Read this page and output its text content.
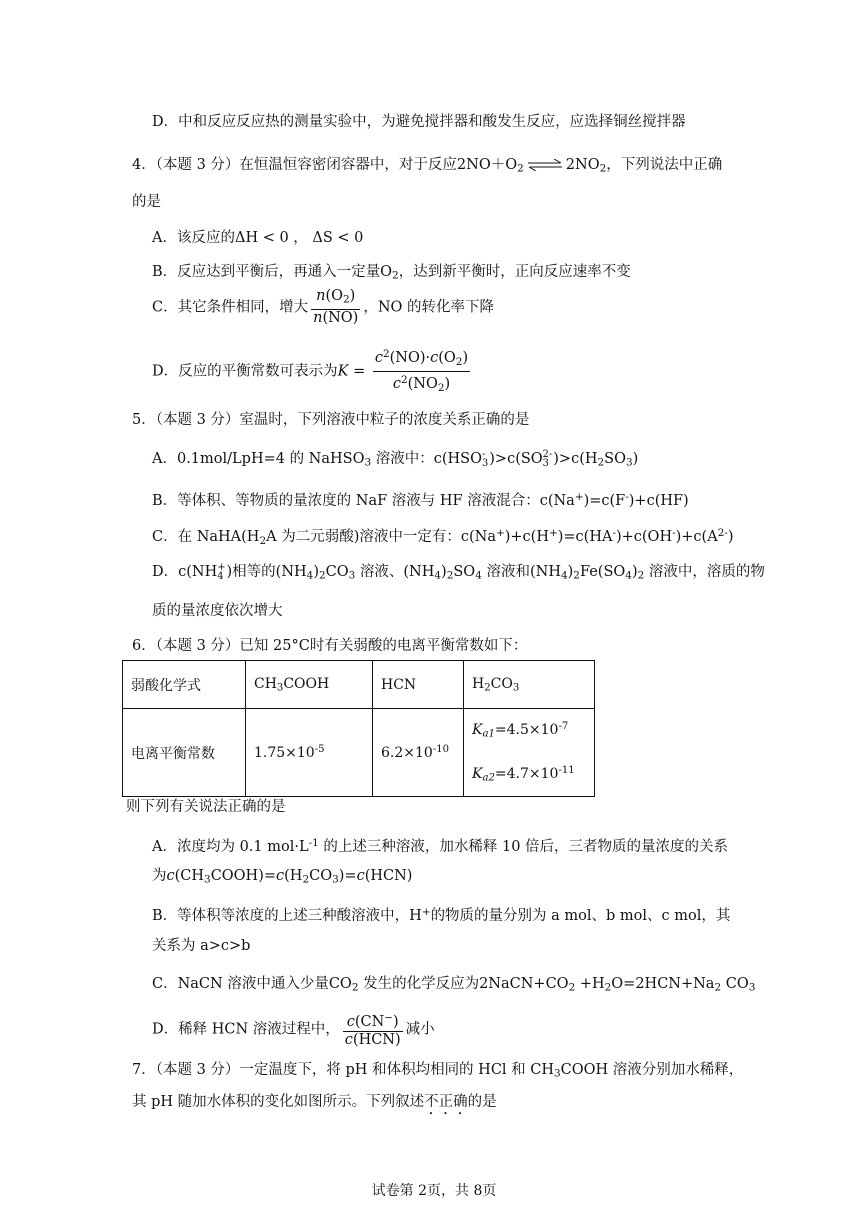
D．中和反应反应热的测量实验中，为避免搅拌器和酸发生反应，应选择铜丝搅拌器
4．（本题 3 分）在恒温恒容密闭容器中，对于反应$2NO+O_2$ ⇌ $2NO_2$，下列说法中正确
的是
A．该反应的ΔH < 0 ， ΔS < 0
B．反应达到平衡后，再通入一定量$O_2$，达到新平衡时，正向反应速率不变
C．其它条件相同，增大 $\frac{n(O_2)}{n(NO)}$ ，NO 的转化率下降
D．反应的平衡常数可表示为$K = \frac{c^2(NO)\cdot c(O_2)}{c^2(NO_2)}$
5．（本题 3 分）室温时，下列溶液中粒子的浓度关系正确的是
A．0.1mol/LpH=4 的 NaHSO$_3$ 溶液中：c(HSO -
3 )>c(SO 2-
3 )$>c(H_2SO_3)$
B．等体积、等物质的量浓度的 NaF 溶液与 HF 溶液混合：c(Na+)=c(F-)+c(HF)
C．在 $NaHA(H_2A$ 为二元弱酸)溶液中一定有：$c(Na^+)+c(H^+)=c(HA^-)+c(OH^-)+c(A^{2-})$
D．c(NH +
4 )相等的$(NH_4)_2CO_3$ 溶液、$(NH_4)_2SO_4$ 溶液和$(NH_4)_2Fe(SO_4)_2$ 溶液中，溶质的物
质的量浓度依次增大
6．（本题 3 分）已知 25°C时有关弱酸的电离平衡常数如下：
弱酸化学式	$CH_3COOH$	HCN	$H_2CO_3$
电离平衡常数	$1.75\times 10^{-5}$	$6.2\times 10^{-10}$	$K_{a1}=4.5\times 10^{-7}$
$K_{a2}=4.7\times 10^{-11}$
则下列有关说法正确的是
A．浓度均为 0.1 $mol\cdot L^{-1}$ 的上述三种溶液，加水稀释 10 倍后，三者物质的量浓度的关系
为$c(CH_3COOH)=c(H_2CO_3)=c(HCN)$
B．等体积等浓度的上述三种酸溶液中，H+的物质的量分别为 a mol、b mol、c mol，其
关系为 a>c>b
C．NaCN 溶液中通入少量$CO_2$ 发生的化学反应为$2NaCN+CO_2 +H_2O=2HCN+Na_2$ $CO_3$
D．稀释 HCN 溶液过程中， $\frac{c(CN^-)}{\text{c(HCN)}}$ 减小
7．（本题 3 分）一定温度下，将 pH 和体积均相同的 HCl 和 $CH_3COOH$ 溶液分别加水稀释，
其 pH 随加水体积的变化如图所示。下列叙述不正确的是
试卷第 2页，共 8页
